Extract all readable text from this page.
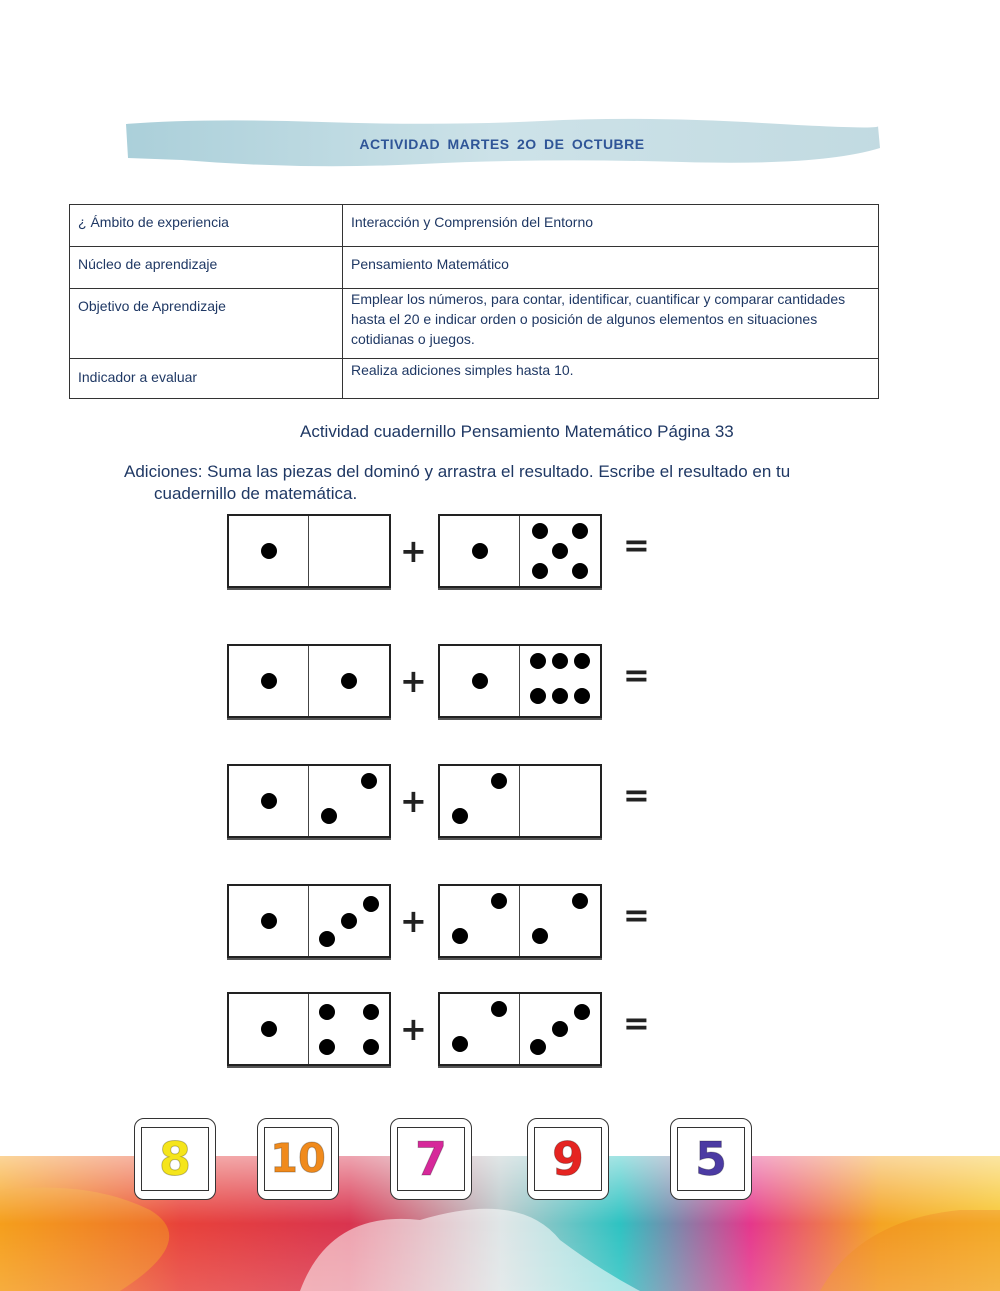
ACTIVIDAD MARTES 2O DE OCTUBRE
¿ Ámbito de experiencia	Interacción y Comprensión del Entorno
Núcleo de aprendizaje	Pensamiento Matemático
Objetivo de Aprendizaje	Emplear los números, para contar, identificar, cuantificar y comparar cantidades hasta el 20 e indicar orden o posición de algunos elementos en situaciones cotidianas o juegos.
Indicador a evaluar	Realiza adiciones simples hasta 10.
Actividad cuadernillo Pensamiento Matemático Página 33
Adiciones: Suma las piezas del dominó y arrastra el resultado. Escribe el resultado en tu
cuadernillo de matemática.
+	=
+	=
+	=
+	=
+	=
8	10	7	9	5
